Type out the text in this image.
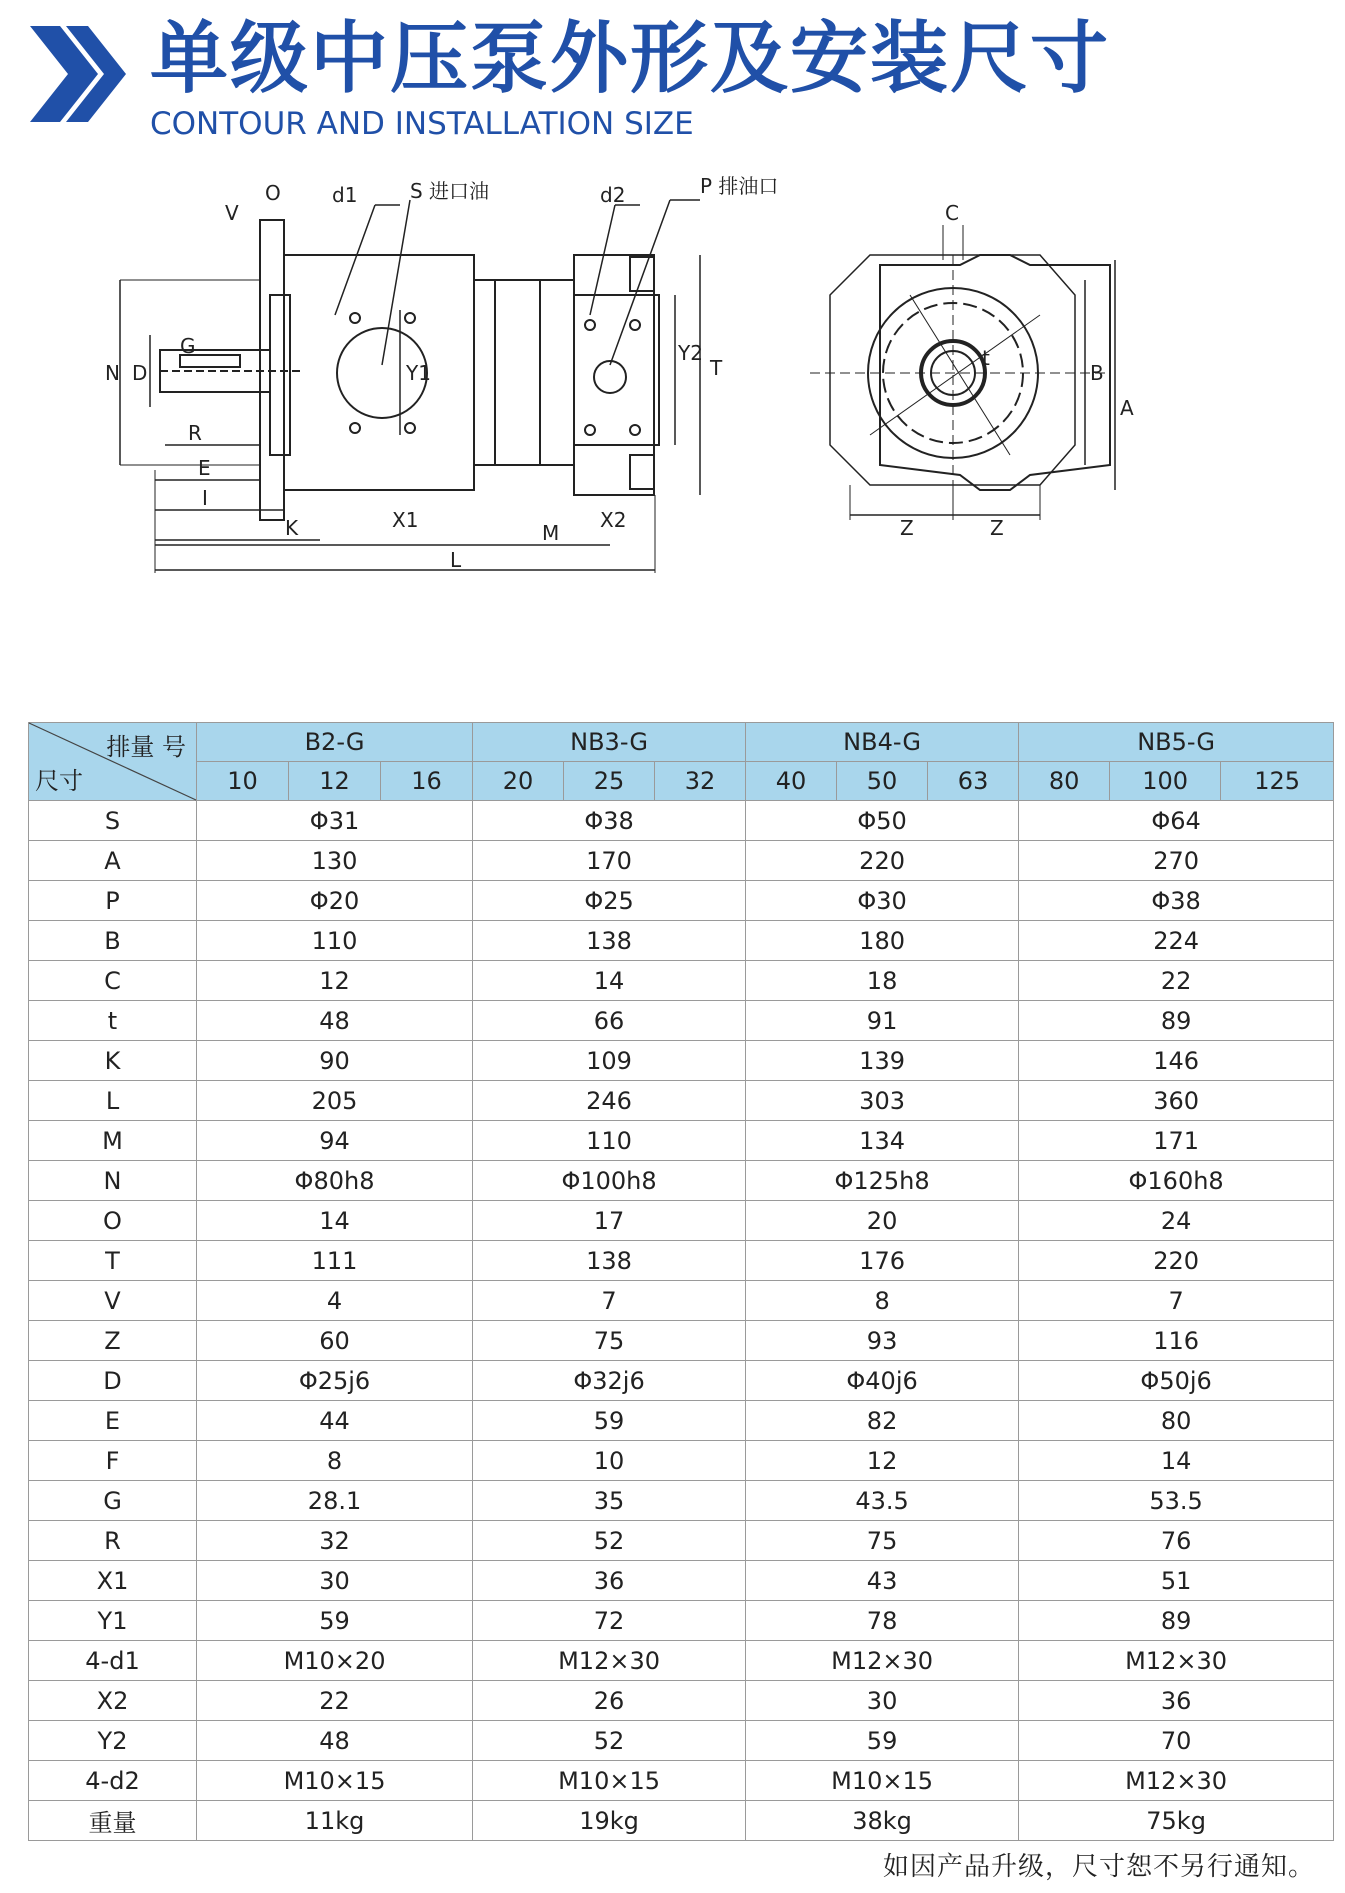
单级中压泵外形及安装尺寸
CONTOUR AND INSTALLATION SIZE
O
V
d1	S 进口油	d2	P 排油口
N D
G
R
E
I
K	X1
M
X2
L
Y1
Y2
T
C
B
A
Z	Z
t
排量 号
尺寸	B2-G			NB3-G			NB4-G			NB5-G		
	10	12	16	20	25	32	40	50	63	80	100	125
S	Φ31			Φ38			Φ50			Φ64		
A	130			170			220			270		
P	Φ20			Φ25			Φ30			Φ38		
B	110			138			180			224		
C	12			14			18			22		
t	48			66			91			89		
K	90			109			139			146		
L	205			246			303			360		
M	94			110			134			171		
N	Φ80h8			Φ100h8			Φ125h8			Φ160h8		
O	14			17			20			24		
T	111			138			176			220		
V	4			7			8			7		
Z	60			75			93			116		
D	Φ25j6			Φ32j6			Φ40j6			Φ50j6		
E	44			59			82			80		
F	8			10			12			14		
G	28.1			35			43.5			53.5		
R	32			52			75			76		
X1	30			36			43			51		
Y1	59			72			78			89		
4-d1	M10×20			M12×30			M12×30			M12×30		
X2	22			26			30			36		
Y2	48			52			59			70		
4-d2	M10×15			M10×15			M10×15			M12×30		
重量	11kg			19kg			38kg			75kg		
如因产品升级，尺寸恕不另行通知。
